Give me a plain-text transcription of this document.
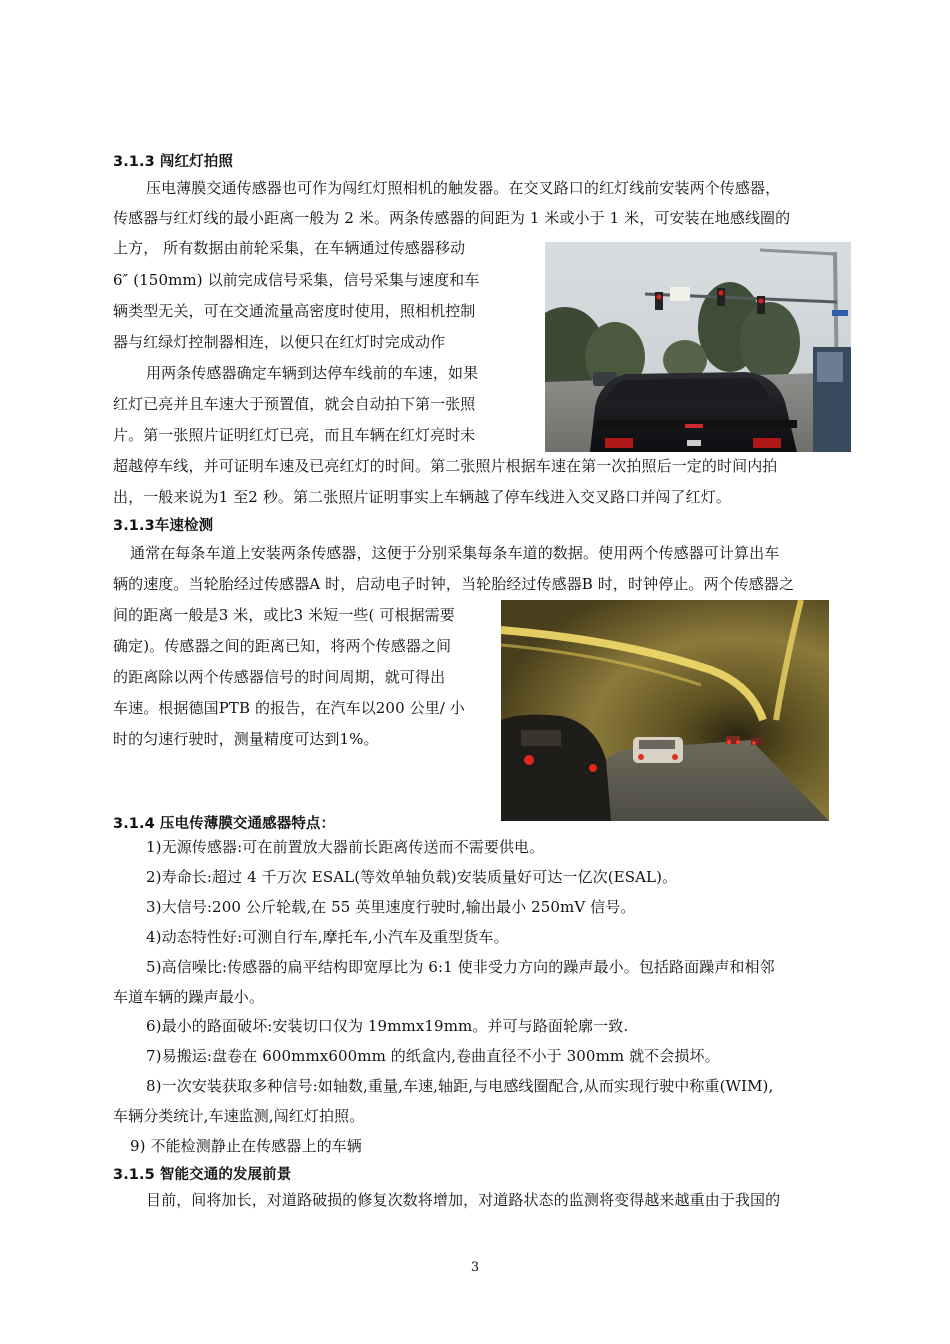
3.1.3 闯红灯拍照
压电薄膜交通传感器也可作为闯红灯照相机的触发器。在交叉路口的红灯线前安装两个传感器，
传感器与红灯线的最小距离一般为 2 米。两条传感器的间距为 1 米或小于 1 米，可安装在地感线圈的
上方， 所有数据由前轮采集，在车辆通过传感器移动
6″ (150mm) 以前完成信号采集，信号采集与速度和车
辆类型无关，可在交通流量高密度时使用，照相机控制
器与红绿灯控制器相连，以便只在红灯时完成动作
用两条传感器确定车辆到达停车线前的车速，如果
红灯已亮并且车速大于预置值，就会自动拍下第一张照
片。第一张照片证明红灯已亮，而且车辆在红灯亮时未
超越停车线，并可证明车速及已亮红灯的时间。第二张照片根据车速在第一次拍照后一定的时间内拍
出，一般来说为1 至2 秒。第二张照片证明事实上车辆越了停车线进入交叉路口并闯了红灯。
3.1.3车速检测
通常在每条车道上安装两条传感器，这便于分别采集每条车道的数据。使用两个传感器可计算出车
辆的速度。当轮胎经过传感器A 时，启动电子时钟，当轮胎经过传感器B 时，时钟停止。两个传感器之
间的距离一般是3 米，或比3 米短一些( 可根据需要
确定)。传感器之间的距离已知，将两个传感器之间
的距离除以两个传感器信号的时间周期，就可得出
车速。根据德国PTB 的报告，在汽车以200 公里/ 小
时的匀速行驶时，测量精度可达到1%。
3.1.4 压电传薄膜交通感器特点：
1)无源传感器:可在前置放大器前长距离传送而不需要供电。
2)寿命长:超过 4 千万次 ESAL(等效单轴负载)安装质量好可达一亿次(ESAL)。
3)大信号:200 公斤轮载,在 55 英里速度行驶时,输出最小 250mV 信号。
4)动态特性好:可测自行车,摩托车,小汽车及重型货车。
5)高信噪比:传感器的扁平结构即宽厚比为 6:1 使非受力方向的躁声最小。包括路面躁声和相邻
车道车辆的躁声最小。
6)最小的路面破坏:安装切口仅为 19mmx19mm。并可与路面轮廓一致.
7)易搬运:盘卷在 600mmx600mm 的纸盒内,卷曲直径不小于 300mm 就不会损坏。
8)一次安装获取多种信号:如轴数,重量,车速,轴距,与电感线圈配合,从而实现行驶中称重(WIM),
车辆分类统计,车速监测,闯红灯拍照。
9) 不能检测静止在传感器上的车辆
3.1.5 智能交通的发展前景
目前，间将加长，对道路破损的修复次数将增加，对道路状态的监测将变得越来越重由于我国的
3
